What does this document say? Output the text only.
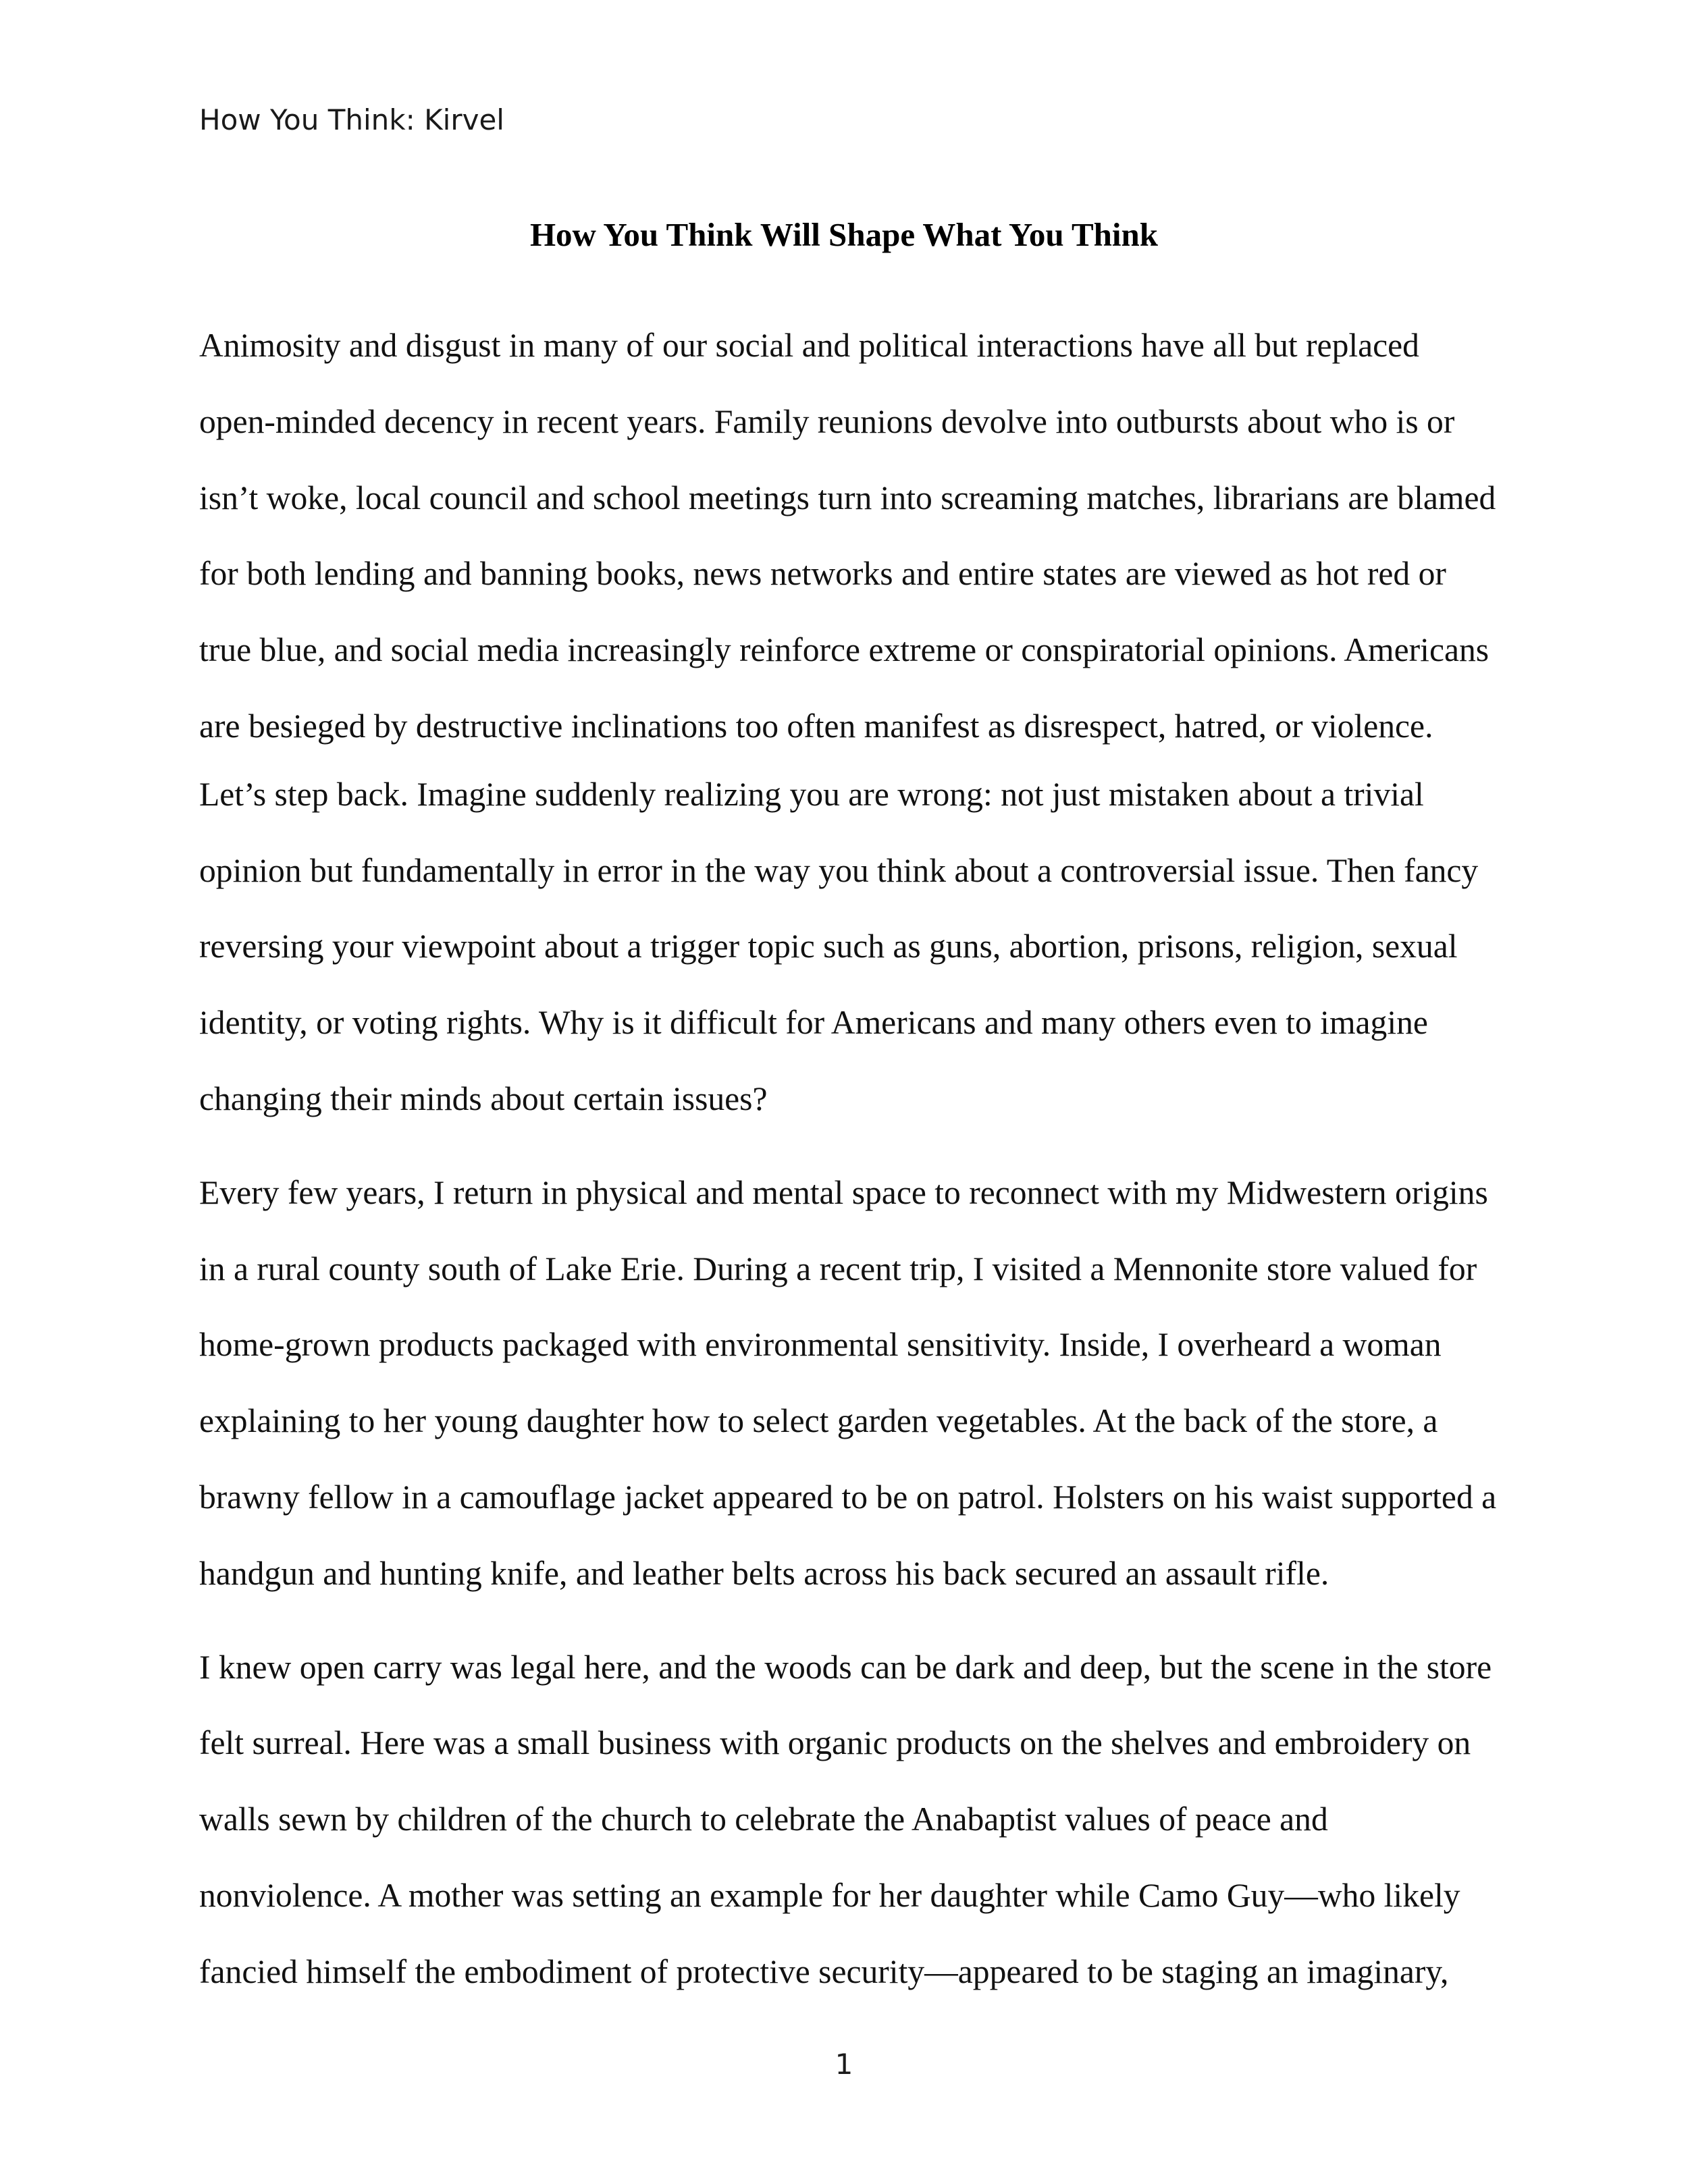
How You Think: Kirvel

How You Think Will Shape What You Think

Animosity and disgust in many of our social and political interactions have all but replaced open-minded decency in recent years. Family reunions devolve into outbursts about who is or isn’t woke, local council and school meetings turn into screaming matches, librarians are blamed for both lending and banning books, news networks and entire states are viewed as hot red or true blue, and social media increasingly reinforce extreme or conspiratorial opinions. Americans are besieged by destructive inclinations too often manifest as disrespect, hatred, or violence.

Let’s step back. Imagine suddenly realizing you are wrong: not just mistaken about a trivial opinion but fundamentally in error in the way you think about a controversial issue. Then fancy reversing your viewpoint about a trigger topic such as guns, abortion, prisons, religion, sexual identity, or voting rights. Why is it difficult for Americans and many others even to imagine changing their minds about certain issues?

Every few years, I return in physical and mental space to reconnect with my Midwestern origins in a rural county south of Lake Erie. During a recent trip, I visited a Mennonite store valued for home-grown products packaged with environmental sensitivity. Inside, I overheard a woman explaining to her young daughter how to select garden vegetables. At the back of the store, a brawny fellow in a camouflage jacket appeared to be on patrol. Holsters on his waist supported a handgun and hunting knife, and leather belts across his back secured an assault rifle.

I knew open carry was legal here, and the woods can be dark and deep, but the scene in the store felt surreal. Here was a small business with organic products on the shelves and embroidery on walls sewn by children of the church to celebrate the Anabaptist values of peace and nonviolence. A mother was setting an example for her daughter while Camo Guy—who likely fancied himself the embodiment of protective security—appeared to be staging an imaginary,

1
